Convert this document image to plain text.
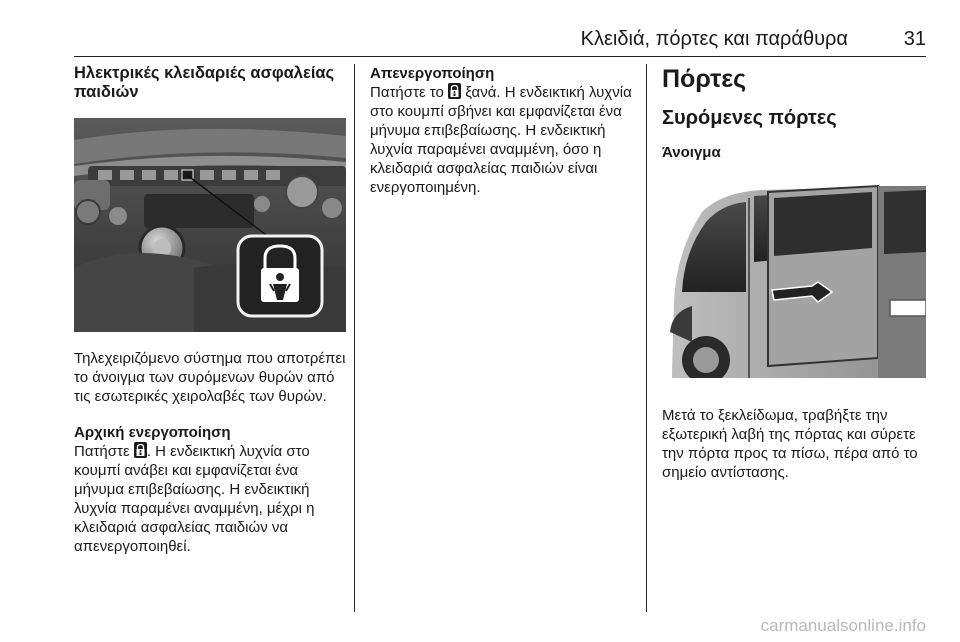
Κλειδιά, πόρτες και παράθυρα	31
Ηλεκτρικές κλειδαριές ασφαλείας παιδιών

Τηλεχειριζόμενο σύστημα που αποτρέπει το άνοιγμα των συρόμενων θυρών από τις εσωτερικές χειρολαβές των θυρών.

Αρχική ενεργοποίηση

Πατήστε . Η ενδεικτική λυχνία στο κουμπί ανάβει και εμφανίζεται ένα μήνυμα επιβεβαίωσης. Η ενδεικτική λυχνία παραμένει αναμμένη, μέχρι η κλειδαριά ασφαλείας παιδιών να απενεργοποιηθεί.

Απενεργοποίηση

Πατήστε το  ξανά. Η ενδεικτική λυχνία στο κουμπί σβήνει και εμφανίζεται ένα μήνυμα επιβεβαίωσης. Η ενδεικτική λυχνία παραμένει αναμμένη, όσο η κλειδαριά ασφαλείας παιδιών είναι ενεργοποιημένη.

Πόρτες
Συρόμενες πόρτες
Άνοιγμα

Μετά το ξεκλείδωμα, τραβήξτε την εξωτερική λαβή της πόρτας και σύρετε την πόρτα προς τα πίσω, πέρα από το σημείο αντίστασης.

carmanualsonline.info
